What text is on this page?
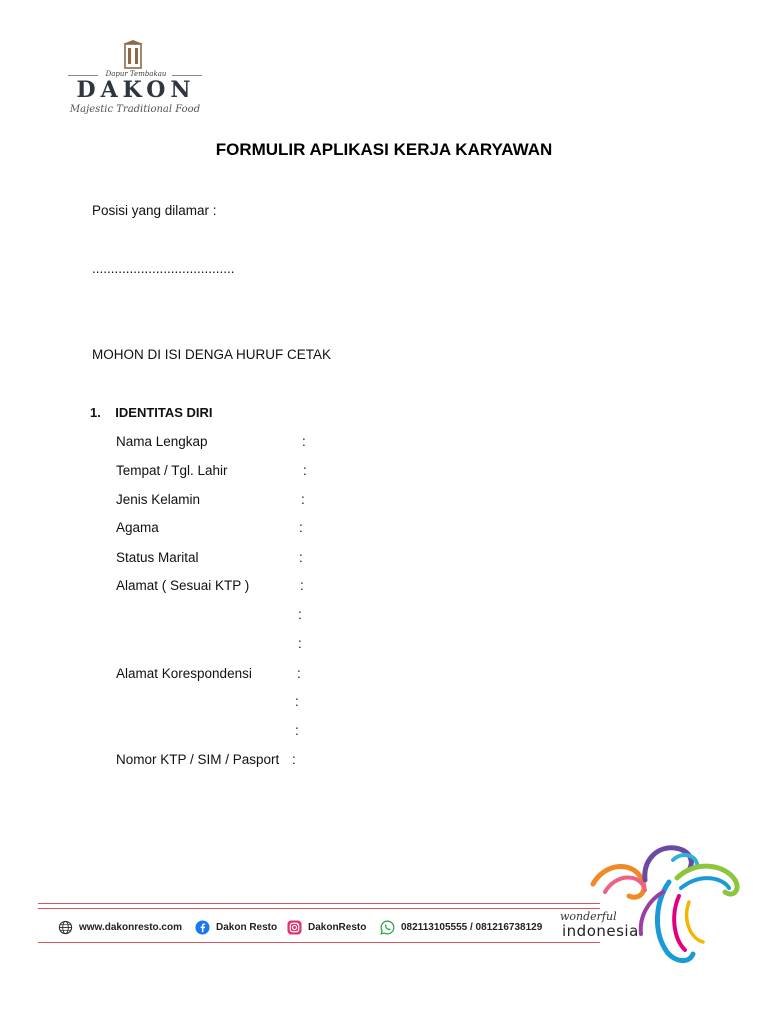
Dapur Tembakau
DAKON
Majestic Traditional Food
FORMULIR APLIKASI KERJA KARYAWAN
Posisi yang dilamar :
......................................
MOHON DI ISI DENGA HURUF CETAK
1.    IDENTITAS DIRI
Nama Lengkap	:
Tempat / Tgl. Lahir	:
Jenis Kelamin	:
Agama	:
Status Marital	:
Alamat ( Sesuai KTP )	:
:
:
Alamat Korespondensi	:
:
:
Nomor KTP / SIM / Pasport :
www.dakonresto.com	Dakon Resto	DakonResto	082113105555 / 081216738129
wonderful
indonesia
